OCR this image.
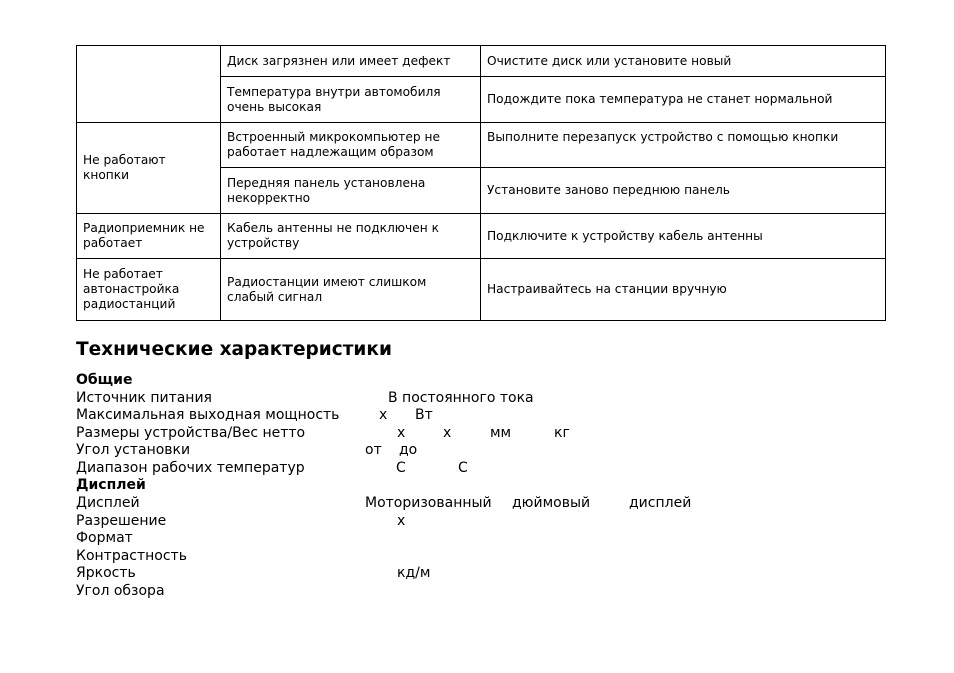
	Диск загрязнен или имеет дефект	Очистите диск или установите новый
	Температура внутри автомобиля очень высокая	Подождите пока температура не станет нормальной
Не работают кнопки	Встроенный микрокомпьютер не работает надлежащим образом	Выполните перезапуск устройство с помощью кнопки
	Передняя панель установлена некорректно	Установите заново переднюю панель
Радиоприемник не работает	Кабель антенны не подключен к устройству	Подключите к устройству кабель антенны
Не работает автонастройка радиостанций	Радиостанции имеют слишком слабый сигнал	Настраивайтесь на станции вручную
Технические характеристики
Общие
Источник питания	В постоянного тока
Максимальная выходная мощность	х Вт
Размеры устройства/Вес нетто	х	х	мм	кг
Угол установки	от до
Диапазон рабочих температур	С	С
Дисплей
Дисплей	Моторизованный дюймовый	дисплей
Разрешение	х
Формат
Контрастность
Яркость	кд/м
Угол обзора
